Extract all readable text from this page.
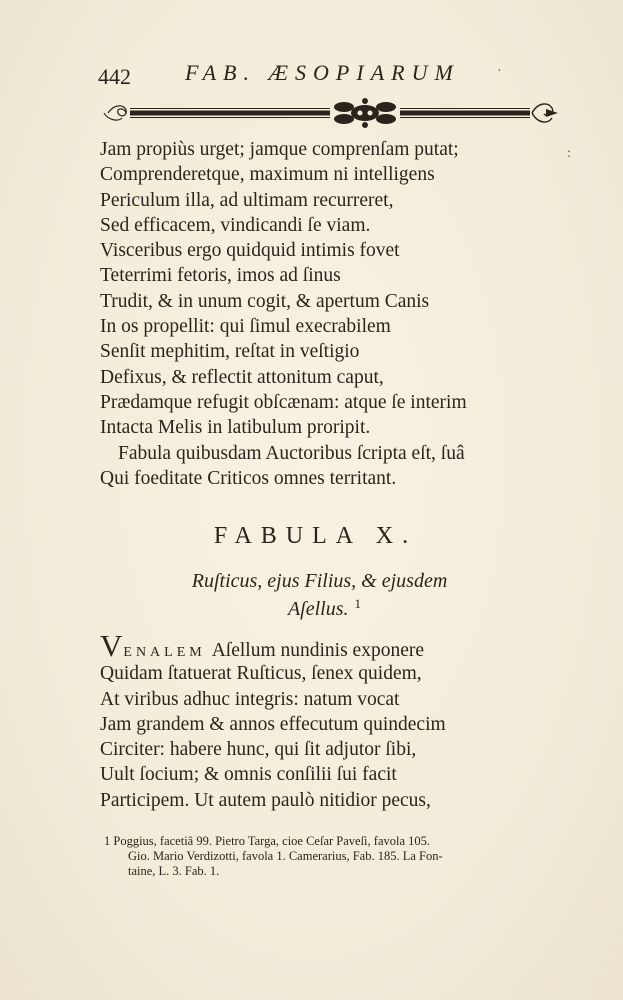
442 FAB. ÆSOPIARUM	·
:
Jam propiùs urget; jamque comprenſam putat;
Comprenderetque, maximum ni intelligens
Periculum illa, ad ultimam recurreret,
Sed efficacem, vindicandi ſe viam.
Visceribus ergo quidquid intimis fovet
Teterrimi fetoris, imos ad ſinus
Trudit, & in unum cogit, & apertum Canis
In os propellit: qui ſimul execrabilem
Senſit mephitim, reſtat in veſtigio
Defixus, & reflectit attonitum caput,
Prædamque refugit obſcænam: atque ſe interim
Intacta Melis in latibulum proripit.
Fabula quibusdam Auctoribus ſcripta eſt, ſuâ
Qui foeditate Criticos omnes territant.
FABULA X.
Ruſticus, ejus Filius, & ejusdem
Aſellus. $^1$
VENALEM Aſellum nundinis exponere
Quidam ſtatuerat Ruſticus, ſenex quidem,
At viribus adhuc integris: natum vocat
Jam grandem & annos effecutum quindecim
Circiter: habere hunc, qui ſit adjutor ſibi,
Uult ſocium; & omnis conſilii ſui facit
Participem. Ut autem paulò nitidior pecus,
1 Poggius, facetiâ 99. Pietro Targa, cioe Ceſar Paveſi, favola 105.
Gio. Mario Verdizotti, favola 1. Camerarius, Fab. 185. La Fon-
taine, L. 3. Fab. 1.
